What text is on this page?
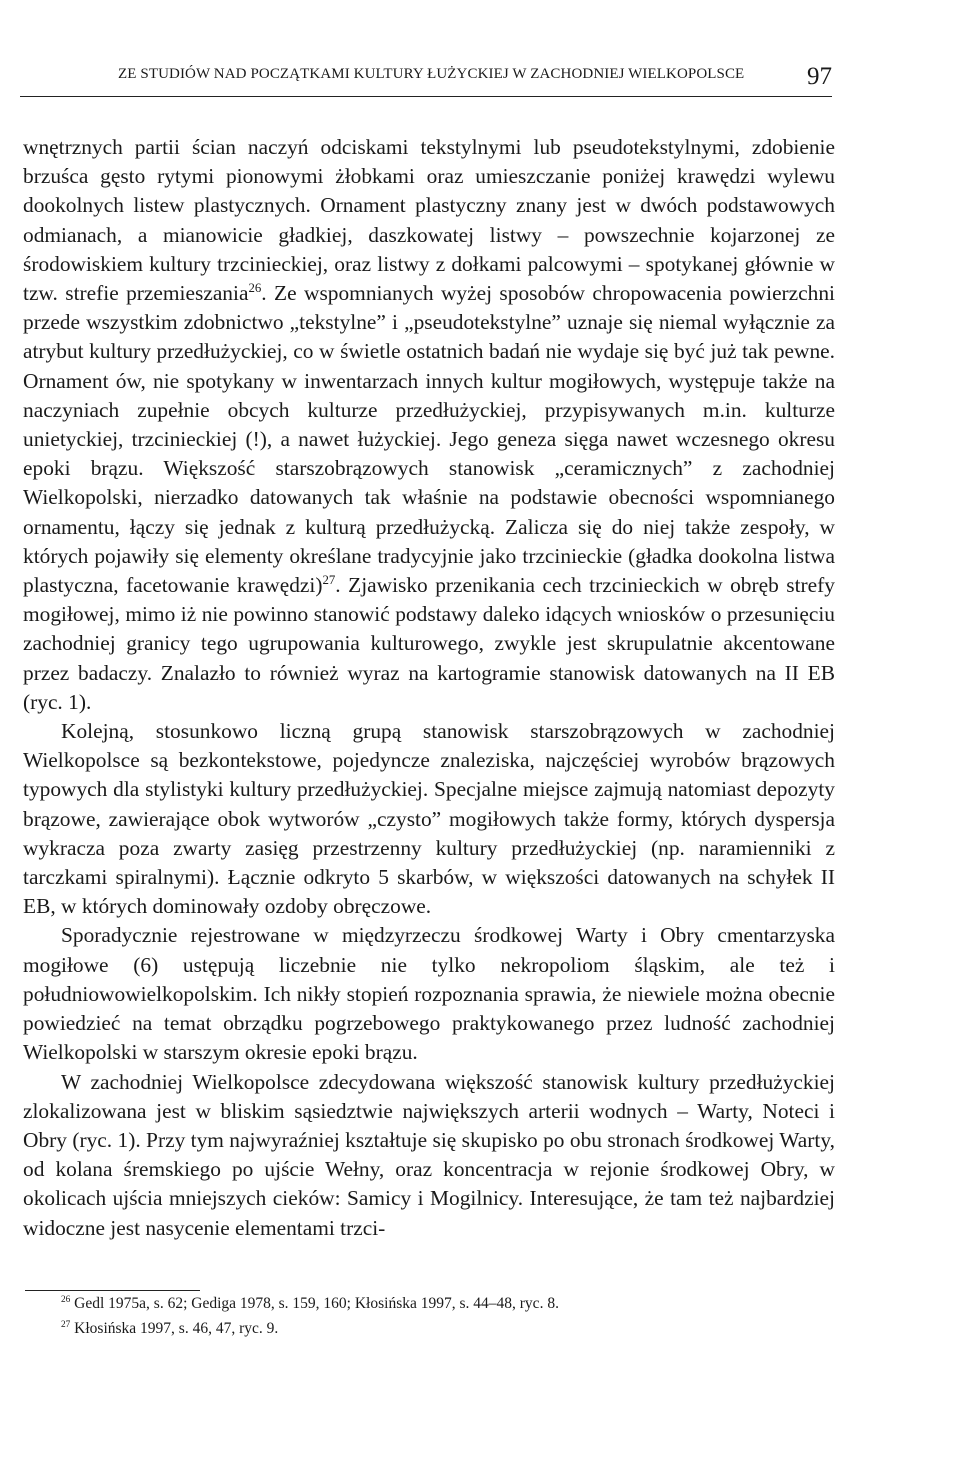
ZE STUDIÓW NAD POCZĄTKAMI KULTURY ŁUŻYCKIEJ W ZACHODNIEJ WIELKOPOLSCE	97

wnętrznych partii ścian naczyń odciskami tekstylnymi lub pseudotekstylnymi, zdobienie brzuśca gęsto rytymi pionowymi żłobkami oraz umieszczanie poniżej krawędzi wylewu dookolnych listew plastycznych. Ornament plastyczny znany jest w dwóch podstawowych odmianach, a mianowicie gładkiej, daszkowatej listwy – powszechnie kojarzonej ze środowiskiem kultury trzcinieckiej, oraz listwy z dołkami palcowymi – spotykanej głównie w tzw. strefie przemieszania$^{26}$. Ze wspomnianych wyżej sposobów chropowacenia powierzchni przede wszystkim zdobnictwo „tekstylne” i „pseudotekstylne” uznaje się niemal wyłącznie za atrybut kultury przedłużyckiej, co w świetle ostatnich badań nie wydaje się być już tak pewne. Ornament ów, nie spotykany w inwentarzach innych kultur mogiłowych, występuje także na naczyniach zupełnie obcych kulturze przedłużyckiej, przypisywanych m.in. kulturze unietyckiej, trzcinieckiej (!), a nawet łużyckiej. Jego geneza sięga nawet wczesnego okresu epoki brązu. Większość starszobrązowych stanowisk „ceramicznych” z zachodniej Wielkopolski, nierzadko datowanych tak właśnie na podstawie obecności wspomnianego ornamentu, łączy się jednak z kulturą przedłużycką. Zalicza się do niej także zespoły, w których pojawiły się elementy określane tradycyjnie jako trzcinieckie (gładka dookolna listwa plastyczna, facetowanie krawędzi)$^{27}$. Zjawisko przenikania cech trzcinieckich w obręb strefy mogiłowej, mimo iż nie powinno stanowić podstawy daleko idących wniosków o przesunięciu zachodniej granicy tego ugrupowania kulturowego, zwykle jest skrupulatnie akcentowane przez badaczy. Znalazło to również wyraz na kartogramie stanowisk datowanych na II EB (ryc. 1).

Kolejną, stosunkowo liczną grupą stanowisk starszobrązowych w zachodniej Wielkopolsce są bezkontekstowe, pojedyncze znaleziska, najczęściej wyrobów brązowych typowych dla stylistyki kultury przedłużyckiej. Specjalne miejsce zajmują natomiast depozyty brązowe, zawierające obok wytworów „czysto” mogiłowych także formy, których dyspersja wykracza poza zwarty zasięg przestrzenny kultury przedłużyckiej (np. naramienniki z tarczkami spiralnymi). Łącznie odkryto 5 skarbów, w większości datowanych na schyłek II EB, w których dominowały ozdoby obręczowe.

Sporadycznie rejestrowane w międzyrzeczu środkowej Warty i Obry cmentarzyska mogiłowe (6) ustępują liczebnie nie tylko nekropoliom śląskim, ale też i południowowielkopolskim. Ich nikły stopień rozpoznania sprawia, że niewiele można obecnie powiedzieć na temat obrządku pogrzebowego praktykowanego przez ludność zachodniej Wielkopolski w starszym okresie epoki brązu.

W zachodniej Wielkopolsce zdecydowana większość stanowisk kultury przedłużyckiej zlokalizowana jest w bliskim sąsiedztwie największych arterii wodnych – Warty, Noteci i Obry (ryc. 1). Przy tym najwyraźniej kształtuje się skupisko po obu stronach środkowej Warty, od kolana śremskiego po ujście Wełny, oraz koncentracja w rejonie środkowej Obry, w okolicach ujścia mniejszych cieków: Samicy i Mogilnicy. Interesujące, że tam też najbardziej widoczne jest nasycenie elementami trzci-

$^{26}$ Gedl 1975a, s. 62; Gediga 1978, s. 159, 160; Kłosińska 1997, s. 44–48, ryc. 8.

$^{27}$ Kłosińska 1997, s. 46, 47, ryc. 9.
